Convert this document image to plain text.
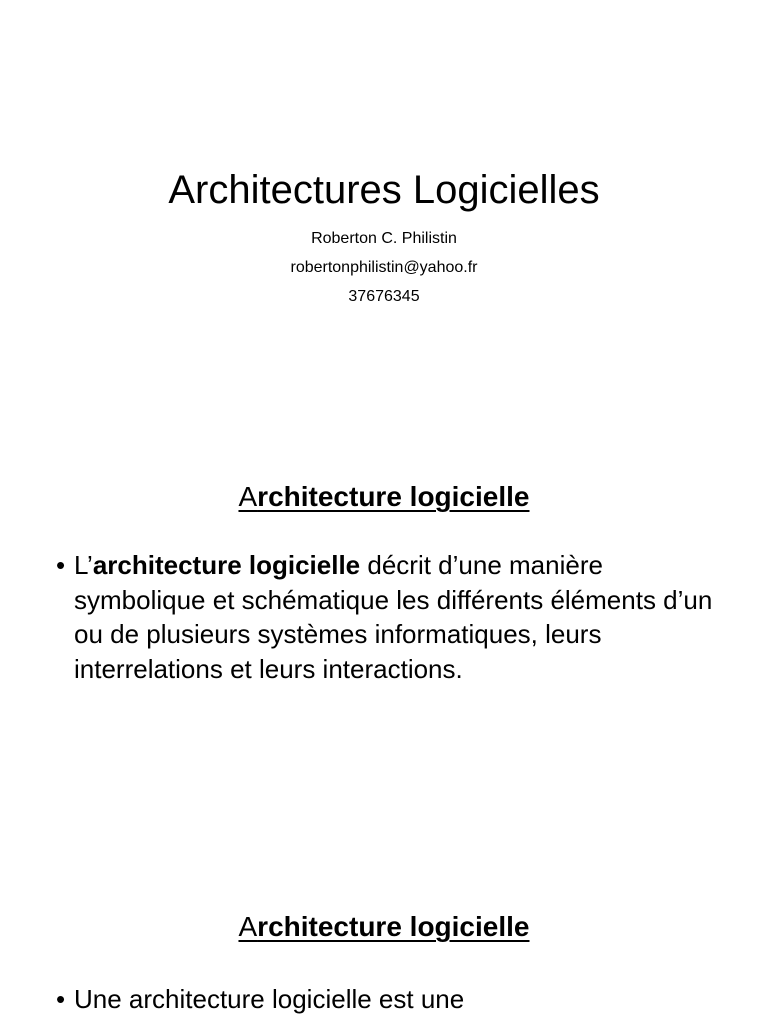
Architectures Logicielles
Roberton C. Philistin
robertonphilistin@yahoo.fr
37676345
Architecture logicielle
• L’architecture logicielle décrit d’une manière symbolique et schématique les différents éléments d’un ou de plusieurs systèmes informatiques, leurs interrelations et leurs interactions.
Architecture logicielle
• Une architecture logicielle est une
